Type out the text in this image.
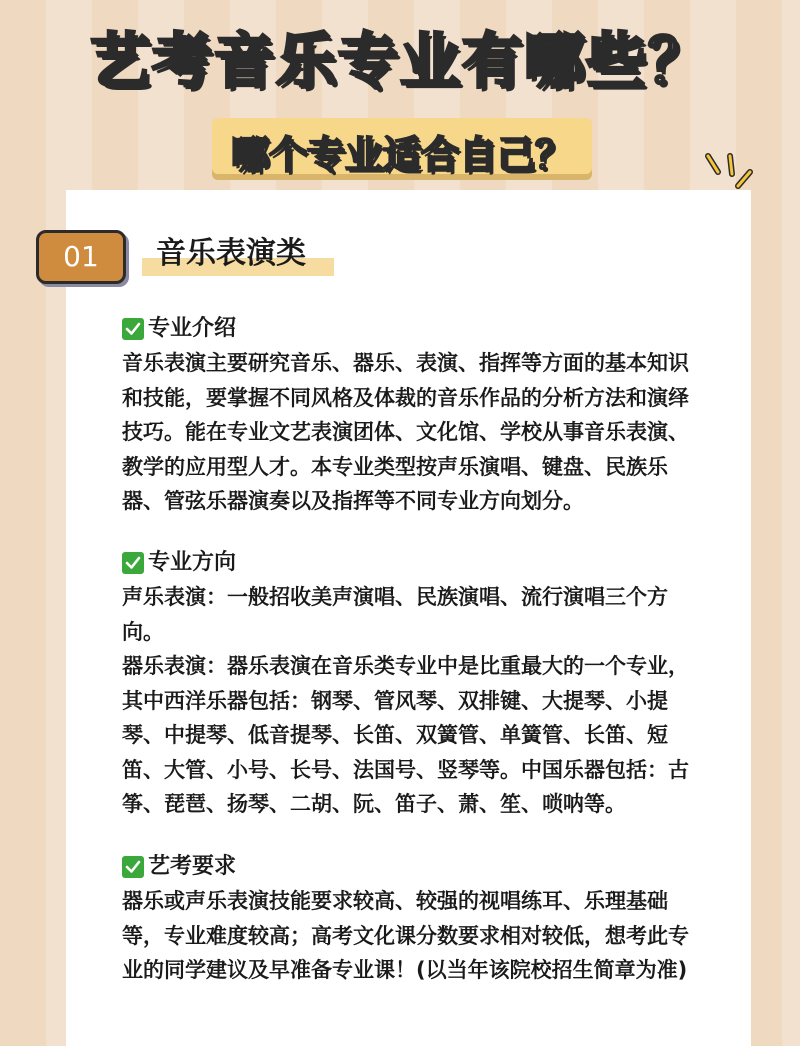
艺考音乐专业有哪些？
哪个专业适合自己？
01	音乐表演类
专业介绍

音乐表演主要研究音乐、器乐、表演、指挥等方面的基本知识

和技能，要掌握不同风格及体裁的音乐作品的分析方法和演绎

技巧。能在专业文艺表演团体、文化馆、学校从事音乐表演、

教学的应用型人才。本专业类型按声乐演唱、键盘、民族乐

器、管弦乐器演奏以及指挥等不同专业方向划分。

专业方向

声乐表演：一般招收美声演唱、民族演唱、流行演唱三个方

向。

器乐表演：器乐表演在音乐类专业中是比重最大的一个专业，

其中西洋乐器包括：钢琴、管风琴、双排键、大提琴、小提

琴、中提琴、低音提琴、长笛、双簧管、单簧管、长笛、短

笛、大管、小号、长号、法国号、竖琴等。中国乐器包括：古

筝、琵琶、扬琴、二胡、阮、笛子、萧、笙、唢呐等。

艺考要求

器乐或声乐表演技能要求较高、较强的视唱练耳、乐理基础

等，专业难度较高；高考文化课分数要求相对较低，想考此专

业的同学建议及早准备专业课！(以当年该院校招生简章为准)
